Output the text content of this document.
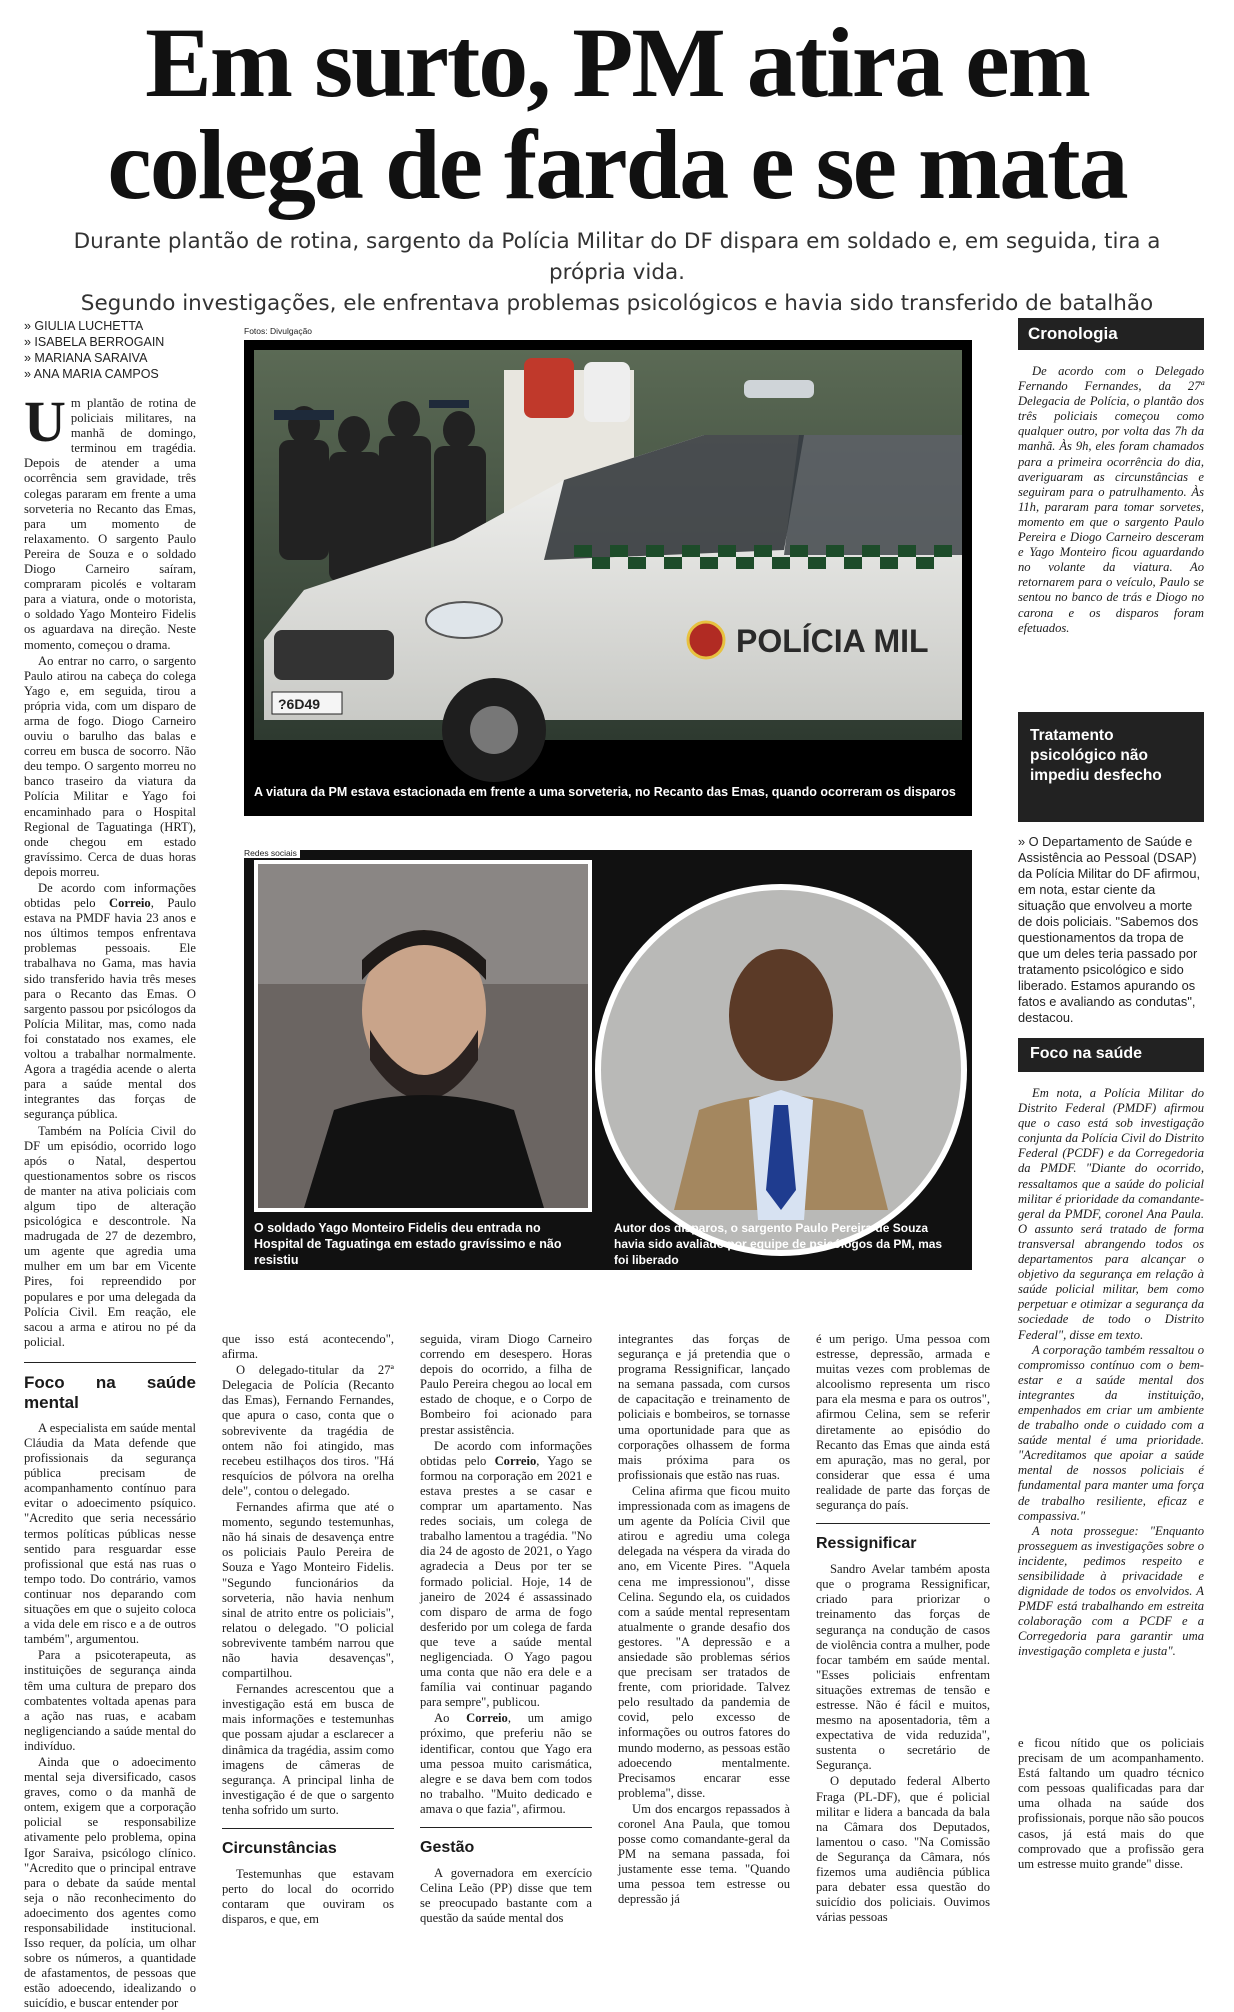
Em surto, PM atira em
colega de farda e se mata
Durante plantão de rotina, sargento da Polícia Militar do DF dispara em soldado e, em seguida, tira a própria vida.
Segundo investigações, ele enfrentava problemas psicológicos e havia sido transferido de batalhão
» GIULIA LUCHETTA
» ISABELA BERROGAIN
» MARIANA SARAIVA
» ANA MARIA CAMPOS

Um plantão de rotina de policiais militares, na manhã de domingo, terminou em tragédia. Depois de atender a uma ocorrência sem gravidade, três colegas pararam em frente a uma sorveteria no Recanto das Emas, para um momento de relaxamento. O sargento Paulo Pereira de Souza e o soldado Diogo Carneiro saíram, compraram picolés e voltaram para a viatura, onde o motorista, o soldado Yago Monteiro Fidelis os aguardava na direção. Neste momento, começou o drama.

Ao entrar no carro, o sargento Paulo atirou na cabeça do colega Yago e, em seguida, tirou a própria vida, com um disparo de arma de fogo. Diogo Carneiro ouviu o barulho das balas e correu em busca de socorro. Não deu tempo. O sargento morreu no banco traseiro da viatura da Polícia Militar e Yago foi encaminhado para o Hospital Regional de Taguatinga (HRT), onde chegou em estado gravíssimo. Cerca de duas horas depois morreu.

De acordo com informações obtidas pelo Correio, Paulo estava na PMDF havia 23 anos e nos últimos tempos enfrentava problemas pessoais. Ele trabalhava no Gama, mas havia sido transferido havia três meses para o Recanto das Emas. O sargento passou por psicólogos da Polícia Militar, mas, como nada foi constatado nos exames, ele voltou a trabalhar normalmente. Agora a tragédia acende o alerta para a saúde mental dos integrantes das forças de segurança pública.

Também na Polícia Civil do DF um episódio, ocorrido logo após o Natal, despertou questionamentos sobre os riscos de manter na ativa policiais com algum tipo de alteração psicológica e descontrole. Na madrugada de 27 de dezembro, um agente que agredia uma mulher em um bar em Vicente Pires, foi repreendido por populares e por uma delegada da Polícia Civil. Em reação, ele sacou a arma e atirou no pé da policial.

Foco na saúde mental

A especialista em saúde mental Cláudia da Mata defende que profissionais da segurança pública precisam de acompanhamento contínuo para evitar o adoecimento psíquico. "Acredito que seria necessário termos políticas públicas nesse sentido para resguardar esse profissional que está nas ruas o tempo todo. Do contrário, vamos continuar nos deparando com situações em que o sujeito coloca a vida dele em risco e a de outros também", argumentou.

Para a psicoterapeuta, as instituições de segurança ainda têm uma cultura de preparo dos combatentes voltada apenas para a ação nas ruas, e acabam negligenciando a saúde mental do indivíduo.

Ainda que o adoecimento mental seja diversificado, casos graves, como o da manhã de ontem, exigem que a corporação policial se responsabilize ativamente pelo problema, opina Igor Saraiva, psicólogo clínico. "Acredito que o principal entrave para o debate da saúde mental seja o não reconhecimento do adoecimento dos agentes como responsabilidade institucional. Isso requer, da polícia, um olhar sobre os números, a quantidade de afastamentos, de pessoas que estão adoecendo, idealizando o suicídio, e buscar entender por

Fotos: Divulgação
?6D49
POLÍCIA MIL
A viatura da PM estava estacionada em frente a uma sorveteria, no Recanto das Emas, quando ocorreram os disparos
Redes sociais
O soldado Yago Monteiro Fidelis deu entrada no Hospital de Taguatinga em estado gravíssimo e não resistiu
Autor dos disparos, o sargento Paulo Pereira de Souza havia sido avaliado por equipe de psicólogos da PM, mas foi liberado

que isso está acontecendo", afirma.

O delegado-titular da 27ª Delegacia de Polícia (Recanto das Emas), Fernando Fernandes, que apura o caso, conta que o sobrevivente da tragédia de ontem não foi atingido, mas recebeu estilhaços dos tiros. "Há resquícios de pólvora na orelha dele", contou o delegado.

Fernandes afirma que até o momento, segundo testemunhas, não há sinais de desavença entre os policiais Paulo Pereira de Souza e Yago Monteiro Fidelis. "Segundo funcionários da sorveteria, não havia nenhum sinal de atrito entre os policiais", relatou o delegado. "O policial sobrevivente também narrou que não havia desavenças", compartilhou.

Fernandes acrescentou que a investigação está em busca de mais informações e testemunhas que possam ajudar a esclarecer a dinâmica da tragédia, assim como imagens de câmeras de segurança. A principal linha de investigação é de que o sargento tenha sofrido um surto.

Circunstâncias

Testemunhas que estavam perto do local do ocorrido contaram que ouviram os disparos, e que, em

seguida, viram Diogo Carneiro correndo em desespero. Horas depois do ocorrido, a filha de Paulo Pereira chegou ao local em estado de choque, e o Corpo de Bombeiro foi acionado para prestar assistência.

De acordo com informações obtidas pelo Correio, Yago se formou na corporação em 2021 e estava prestes a se casar e comprar um apartamento. Nas redes sociais, um colega de trabalho lamentou a tragédia. "No dia 24 de agosto de 2021, o Yago agradecia a Deus por ter se formado policial. Hoje, 14 de janeiro de 2024 é assassinado com disparo de arma de fogo desferido por um colega de farda que teve a saúde mental negligenciada. O Yago pagou uma conta que não era dele e a família vai continuar pagando para sempre", publicou.

Ao Correio, um amigo próximo, que preferiu não se identificar, contou que Yago era uma pessoa muito carismática, alegre e se dava bem com todos no trabalho. "Muito dedicado e amava o que fazia", afirmou.

Gestão

A governadora em exercício Celina Leão (PP) disse que tem se preocupado bastante com a questão da saúde mental dos

integrantes das forças de segurança e já pretendia que o programa Ressignificar, lançado na semana passada, com cursos de capacitação e treinamento de policiais e bombeiros, se tornasse uma oportunidade para que as corporações olhassem de forma mais próxima para os profissionais que estão nas ruas.

Celina afirma que ficou muito impressionada com as imagens de um agente da Polícia Civil que atirou e agrediu uma colega delegada na véspera da virada do ano, em Vicente Pires. "Aquela cena me impressionou", disse Celina. Segundo ela, os cuidados com a saúde mental representam atualmente o grande desafio dos gestores. "A depressão e a ansiedade são problemas sérios que precisam ser tratados de frente, com prioridade. Talvez pelo resultado da pandemia de covid, pelo excesso de informações ou outros fatores do mundo moderno, as pessoas estão adoecendo mentalmente. Precisamos encarar esse problema", disse.

Um dos encargos repassados à coronel Ana Paula, que tomou posse como comandante-geral da PM na semana passada, foi justamente esse tema. "Quando uma pessoa tem estresse ou depressão já

é um perigo. Uma pessoa com estresse, depressão, armada e muitas vezes com problemas de alcoolismo representa um risco para ela mesma e para os outros", afirmou Celina, sem se referir diretamente ao episódio do Recanto das Emas que ainda está em apuração, mas no geral, por considerar que essa é uma realidade de parte das forças de segurança do país.

Ressignificar

Sandro Avelar também aposta que o programa Ressignificar, criado para priorizar o treinamento das forças de segurança na condução de casos de violência contra a mulher, pode focar também em saúde mental. "Esses policiais enfrentam situações extremas de tensão e estresse. Não é fácil e muitos, mesmo na aposentadoria, têm a expectativa de vida reduzida", sustenta o secretário de Segurança.

O deputado federal Alberto Fraga (PL-DF), que é policial militar e lidera a bancada da bala na Câmara dos Deputados, lamentou o caso. "Na Comissão de Segurança da Câmara, nós fizemos uma audiência pública para debater essa questão do suicídio dos policiais. Ouvimos várias pessoas

Cronologia

De acordo com o Delegado Fernando Fernandes, da 27ª Delegacia de Polícia, o plantão dos três policiais começou como qualquer outro, por volta das 7h da manhã. Às 9h, eles foram chamados para a primeira ocorrência do dia, averiguaram as circunstâncias e seguiram para o patrulhamento. Às 11h, pararam para tomar sorvetes, momento em que o sargento Paulo Pereira e Diogo Carneiro desceram e Yago Monteiro ficou aguardando no volante da viatura. Ao retornarem para o veículo, Paulo se sentou no banco de trás e Diogo no carona e os disparos foram efetuados.

Tratamento psicológico não impediu desfecho
» O Departamento de Saúde e Assistência ao Pessoal (DSAP) da Polícia Militar do DF afirmou, em nota, estar ciente da situação que envolveu a morte de dois policiais. "Sabemos dos questionamentos da tropa de que um deles teria passado por tratamento psicológico e sido liberado. Estamos apurando os fatos e avaliando as condutas", destacou.
Foco na saúde

Em nota, a Polícia Militar do Distrito Federal (PMDF) afirmou que o caso está sob investigação conjunta da Polícia Civil do Distrito Federal (PCDF) e da Corregedoria da PMDF. "Diante do ocorrido, ressaltamos que a saúde do policial militar é prioridade da comandante-geral da PMDF, coronel Ana Paula. O assunto será tratado de forma transversal abrangendo todos os departamentos para alcançar o objetivo da segurança em relação à saúde policial militar, bem como perpetuar e otimizar a segurança da sociedade de todo o Distrito Federal", disse em texto.

A corporação também ressaltou o compromisso contínuo com o bem-estar e a saúde mental dos integrantes da instituição, empenhados em criar um ambiente de trabalho onde o cuidado com a saúde mental é uma prioridade. "Acreditamos que apoiar a saúde mental de nossos policiais é fundamental para manter uma força de trabalho resiliente, eficaz e compassiva."

A nota prossegue: "Enquanto prosseguem as investigações sobre o incidente, pedimos respeito e sensibilidade à privacidade e dignidade de todos os envolvidos. A PMDF está trabalhando em estreita colaboração com a PCDF e a Corregedoria para garantir uma investigação completa e justa".

e ficou nítido que os policiais precisam de um acompanhamento. Está faltando um quadro técnico com pessoas qualificadas para dar uma olhada na saúde dos profissionais, porque não são poucos casos, já está mais do que comprovado que a profissão gera um estresse muito grande" disse.
